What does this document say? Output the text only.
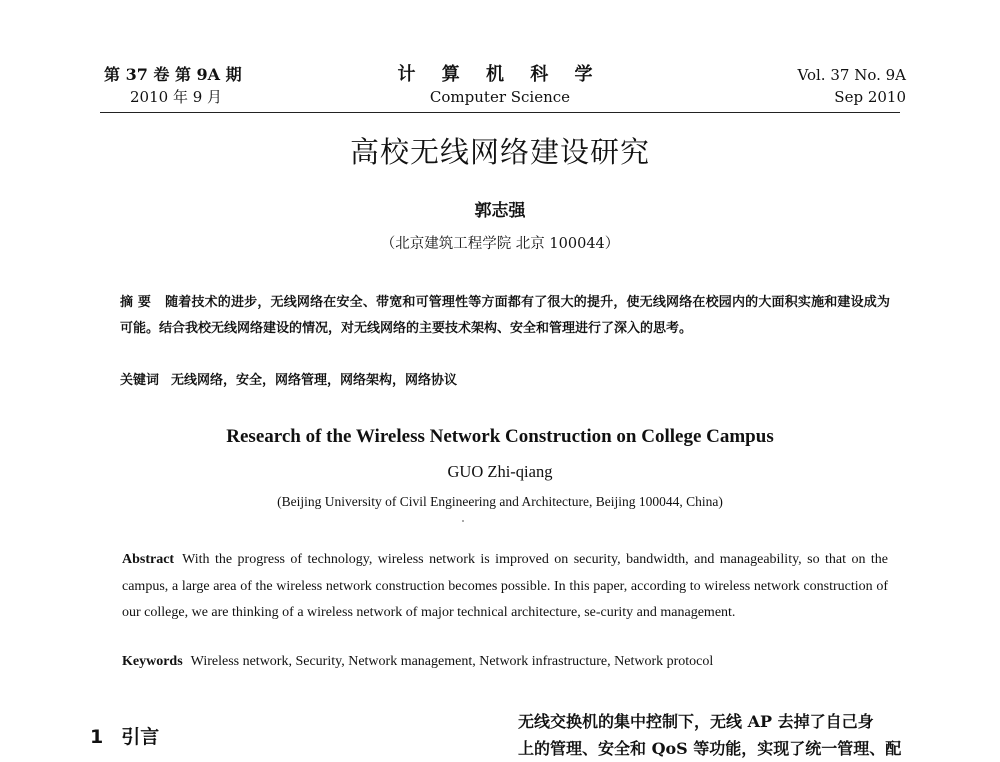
第 37 卷 第 9A 期
2010 年 9 月
计 算 机 科 学
Computer Science
Vol. 37 No. 9A
Sep 2010
高校无线网络建设研究
郭志强
（北京建筑工程学院 北京 100044）
摘 要 随着技术的进步，无线网络在安全、带宽和可管理性等方面都有了很大的提升，使无线网络在校园内的大面积实施和建设成为可能。结合我校无线网络建设的情况，对无线网络的主要技术架构、安全和管理进行了深入的思考。
关键词 无线网络，安全，网络管理，网络架构，网络协议
Research of the Wireless Network Construction on College Campus
GUO Zhi-qiang
(Beijing University of Civil Engineering and Architecture, Beijing 100044, China)
Abstract With the progress of technology, wireless network is improved on security, bandwidth, and manageability, so that on the campus, a large area of the wireless network construction becomes possible. In this paper, according to wireless network construction of our college, we are thinking of a wireless network of major technical architecture, se-curity and management.
Keywords Wireless network, Security, Network management, Network infrastructure, Network protocol
1 引言
无线交换机的集中控制下，无线 AP 去掉了自己身
上的管理、安全和 QoS 等功能，实现了统一管理、配
